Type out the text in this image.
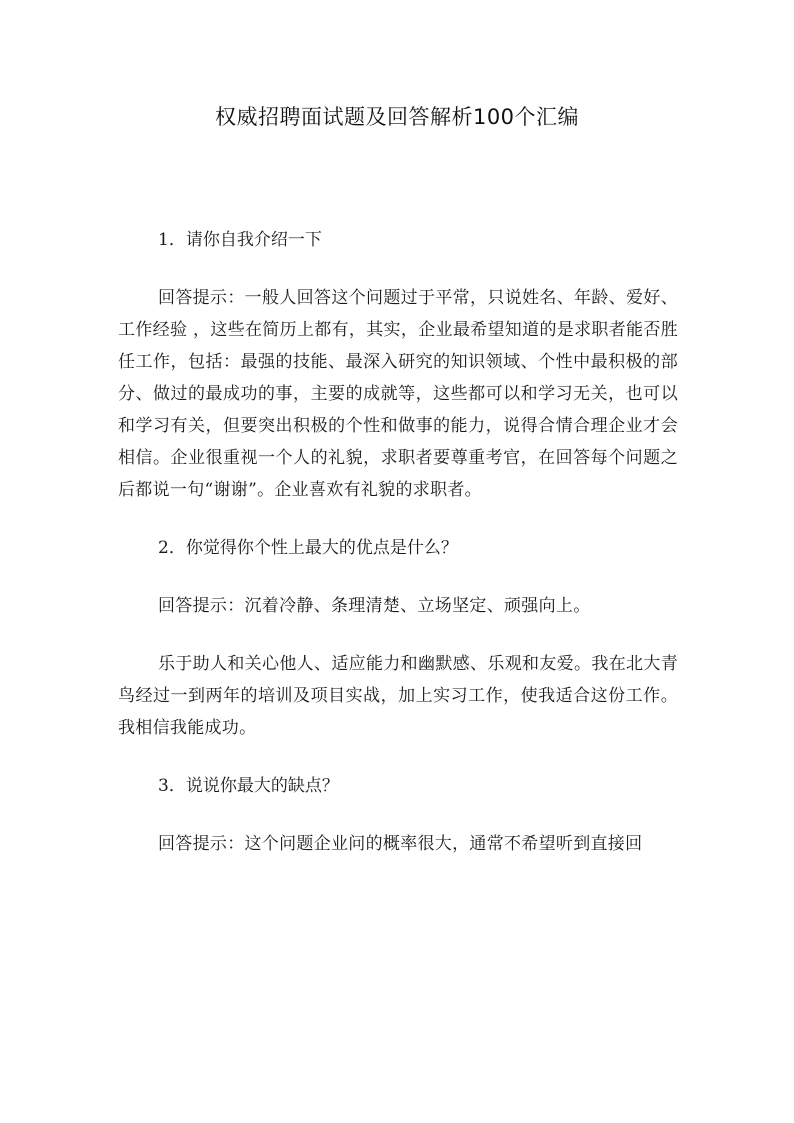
权威招聘面试题及回答解析100个汇编

1．请你自我介绍一下

回答提示：一般人回答这个问题过于平常，只说姓名、年龄、爱好、工作经验 ，这些在简历上都有，其实，企业最希望知道的是求职者能否胜任工作，包括：最强的技能、最深入研究的知识领域、个性中最积极的部分、做过的最成功的事，主要的成就等，这些都可以和学习无关，也可以和学习有关，但要突出积极的个性和做事的能力，说得合情合理企业才会相信。企业很重视一个人的礼貌，求职者要尊重考官，在回答每个问题之后都说一句“谢谢”。企业喜欢有礼貌的求职者。

2．你觉得你个性上最大的优点是什么？

回答提示：沉着冷静、条理清楚、立场坚定、顽强向上。

乐于助人和关心他人、适应能力和幽默感、乐观和友爱。我在北大青鸟经过一到两年的培训及项目实战，加上实习工作，使我适合这份工作。我相信我能成功。

3．说说你最大的缺点？

回答提示：这个问题企业问的概率很大，通常不希望听到直接回
